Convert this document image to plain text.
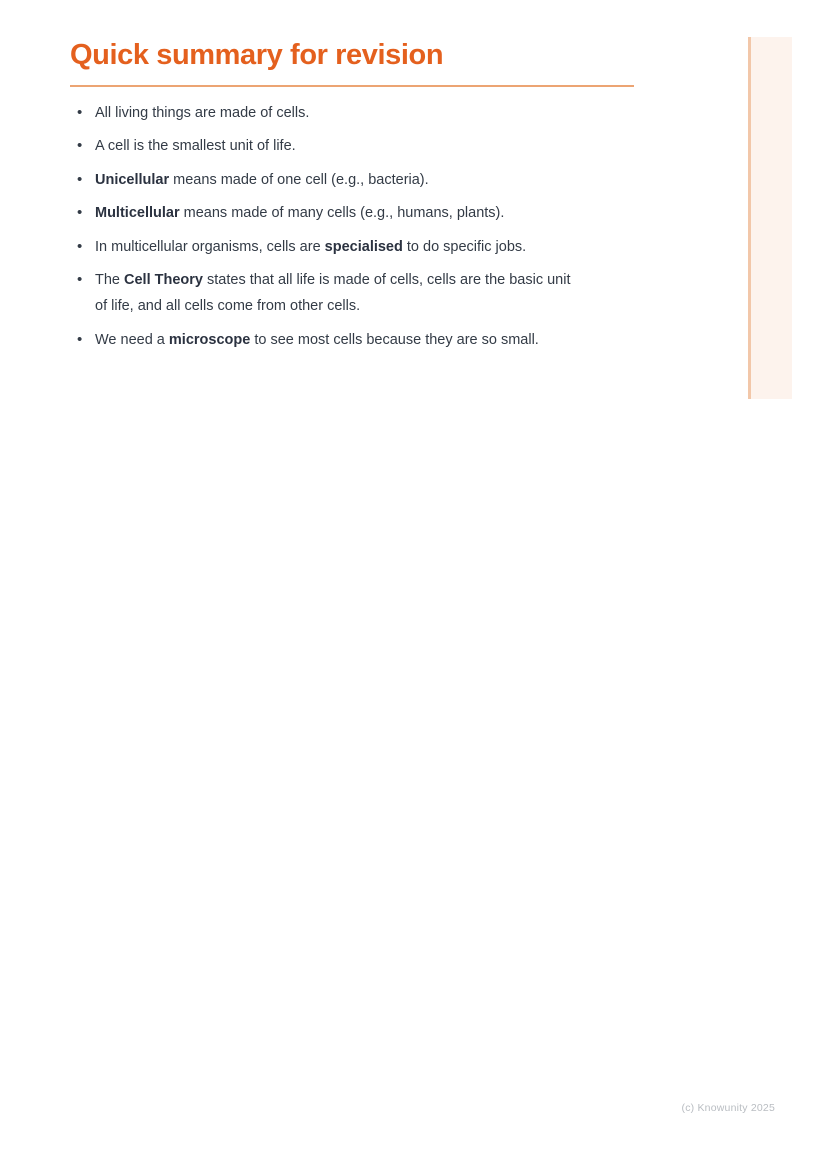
Quick summary for revision
• All living things are made of cells.
• A cell is the smallest unit of life.
• Unicellular means made of one cell (e.g., bacteria).
• Multicellular means made of many cells (e.g., humans, plants).
• In multicellular organisms, cells are specialised to do specific jobs.
• The Cell Theory states that all life is made of cells, cells are the basic unit
of life, and all cells come from other cells.
• We need a microscope to see most cells because they are so small.
(c) Knowunity 2025
